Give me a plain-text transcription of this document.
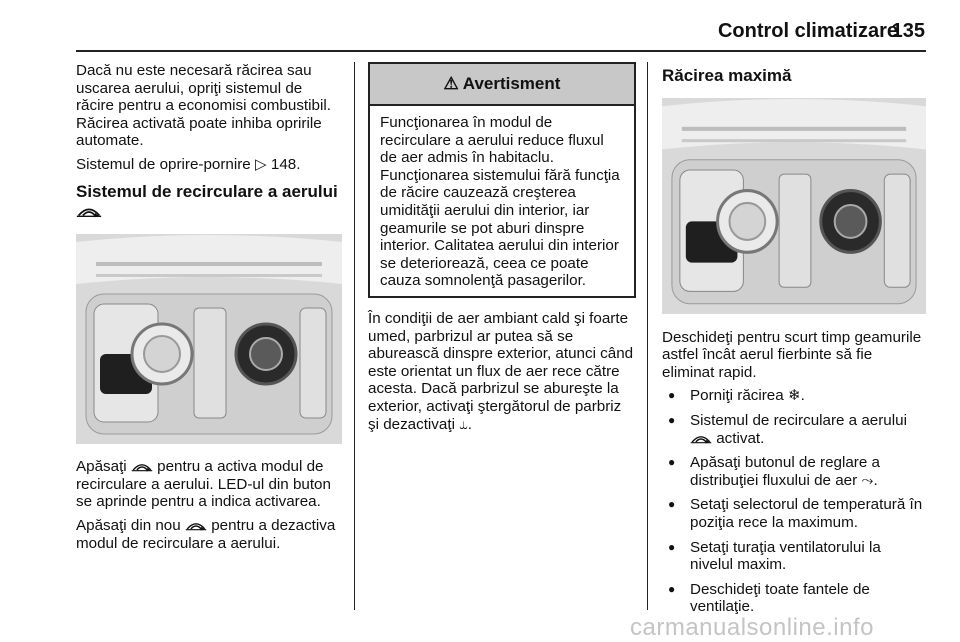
Control climatizare
135

Dacă nu este necesară răcirea sau uscarea aerului, opriţi sistemul de răcire pentru a economisi combustibil. Răcirea activată poate inhiba opririle automate.

Sistemul de oprire-pornire ▷ 148.

Sistemul de recirculare a aerului

Apăsaţi pentru a activa modul de recirculare a aerului. LED-ul din buton se aprinde pentru a indica activarea.

Apăsaţi din nou pentru a dezactiva modul de recirculare a aerului.

⚠ Avertisment
Funcţionarea în modul de recirculare a aerului reduce fluxul de aer admis în habitaclu. Funcţionarea sistemului fără funcţia de răcire cauzează creşterea umidităţii aerului din interior, iar geamurile se pot aburi dinspre interior. Calitatea aerului din interior se deteriorează, ceea ce poate cauza somnolenţă pasagerilor.

În condiţii de aer ambiant cald şi foarte umed, parbrizul ar putea să se aburească dinspre exterior, atunci când este orientat un flux de aer rece către acesta. Dacă parbrizul se abureşte la exterior, activaţi ştergătorul de parbriz şi dezactivaţi ⥿.

Răcirea maximă

Deschideţi pentru scurt timp geamurile astfel încât aerul fierbinte să fie eliminat rapid.

● Porniţi răcirea ❄.
● Sistemul de recirculare a aerului  activat.
● Apăsaţi butonul de reglare a distribuţiei fluxului de aer ⤳.
● Setaţi selectorul de temperatură în poziţia rece la maximum.
● Setaţi turaţia ventilatorului la nivelul maxim.
● Deschideţi toate fantele de ventilaţie.
carmanualsonline.info
